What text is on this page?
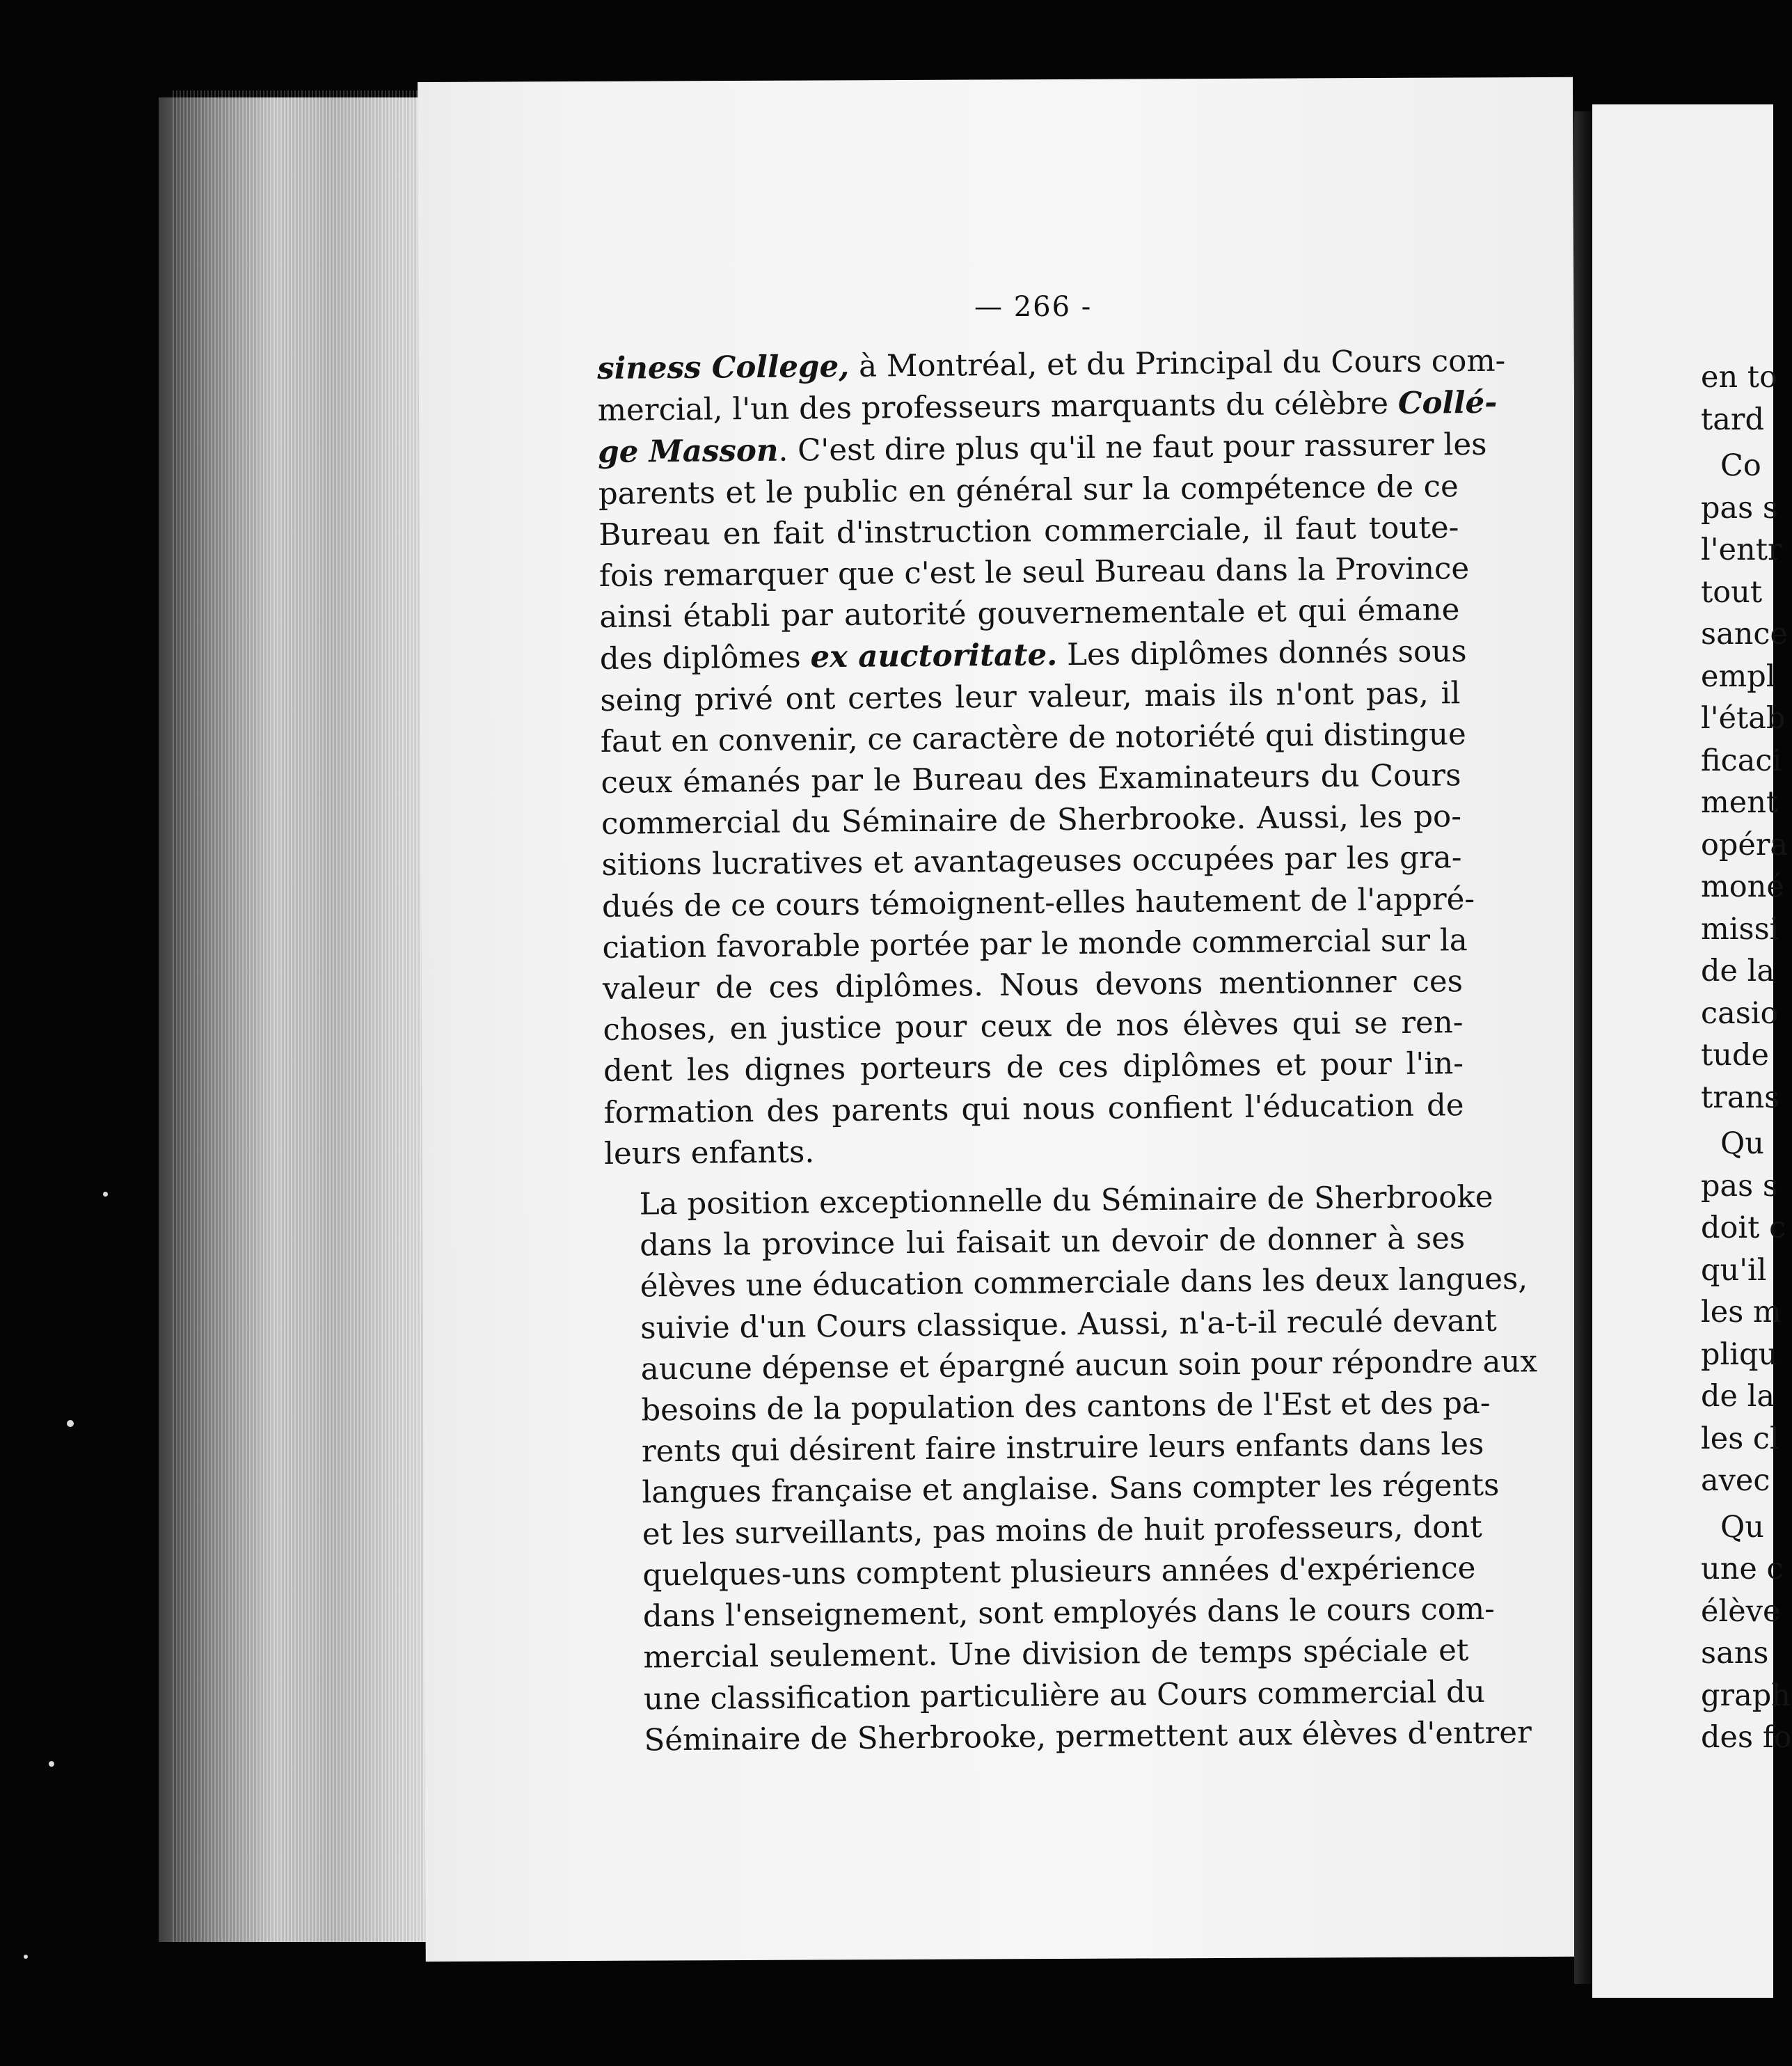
— 266 -

siness College, à Montréal, et du Principal du Cours com-
mercial, l'un des professeurs marquants du célèbre Collé-
ge Masson. C'est dire plus qu'il ne faut pour rassurer les
parents et le public en général sur la compétence de ce
Bureau en fait d'instruction commerciale, il faut toute-
fois remarquer que c'est le seul Bureau dans la Province
ainsi établi par autorité gouvernementale et qui émane
des diplômes ex auctoritate. Les diplômes donnés sous
seing privé ont certes leur valeur, mais ils n'ont pas, il
faut en convenir, ce caractère de notoriété qui distingue
ceux émanés par le Bureau des Examinateurs du Cours
commercial du Séminaire de Sherbrooke. Aussi, les po-
sitions lucratives et avantageuses occupées par les gra-
dués de ce cours témoignent-elles hautement de l'appré-
ciation favorable portée par le monde commercial sur la
valeur de ces diplômes. Nous devons mentionner ces
choses, en justice pour ceux de nos élèves qui se ren-
dent les dignes porteurs de ces diplômes et pour l'in-
formation des parents qui nous confient l'éducation de
leurs enfants.

La position exceptionnelle du Séminaire de Sherbrooke
dans la province lui faisait un devoir de donner à ses
élèves une éducation commerciale dans les deux langues,
suivie d'un Cours classique. Aussi, n'a-t-il reculé devant
aucune dépense et épargné aucun soin pour répondre aux
besoins de la population des cantons de l'Est et des pa-
rents qui désirent faire instruire leurs enfants dans les
langues française et anglaise. Sans compter les régents
et les surveillants, pas moins de huit professeurs, dont
quelques-uns comptent plusieurs années d'expérience
dans l'enseignement, sont employés dans le cours com-
mercial seulement. Une division de temps spéciale et
une classification particulière au Cours commercial du
Séminaire de Sherbrooke, permettent aux élèves d'entrer

en to
tard
Co
pas s
l'entr
tout
sance
empl
l'étab
ficaci
ment
opéra
moné
missi
de la
casio
tude
trans
Qu
pas s
doit c
qu'il
les m
pliqu
de la
les cl
avec
Qu
une c
élève
sans
graph
des fo
